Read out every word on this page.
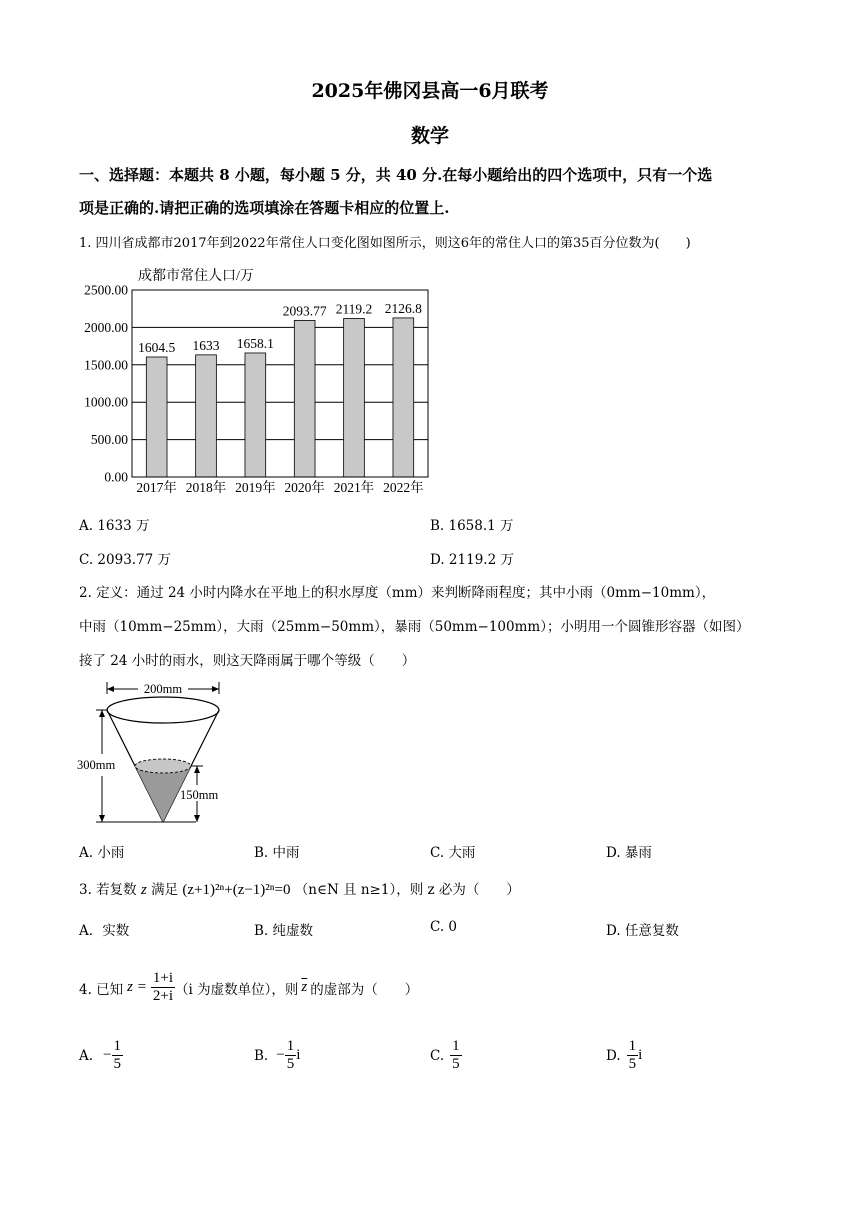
2025年佛冈县高一6月联考
数学
一、选择题：本题共 8 小题，每小题 5 分，共 40 分.在每小题给出的四个选项中，只有一个选
项是正确的.请把正确的选项填涂在答题卡相应的位置上.
1. 四川省成都市2017年到2022年常住人口变化图如图所示，则这6年的常住人口的第35百分位数为(　　)
成都市常住人口/万
0.00
500.00
1000.00
1500.00
2000.00
2500.00
1604.5 1633 1658.1
2093.77 2119.2 2126.8
2017年 2018年 2019年 2020年 2021年 2022年
A. 1633 万	B. 1658.1 万
C. 2093.77 万	D. 2119.2 万
2. 定义：通过 24 小时内降水在平地上的积水厚度（mm）来判断降雨程度；其中小雨（0mm−10mm），
中雨（10mm−25mm），大雨（25mm−50mm），暴雨（50mm−100mm）；小明用一个圆锥形容器（如图）
接了 24 小时的雨水，则这天降雨属于哪个等级（　　）
200mm
300mm
150mm
A. 小雨	B. 中雨	C. 大雨	D. 暴雨
3. 若复数 z 满足 (z+1)²ⁿ+(z−1)²ⁿ=0 （n∈N 且 n≥1），则 z 必为（　　）
A．实数	B. 纯虚数	C. 0	D. 任意复数
4. 已知 $z = \frac{1+i}{2+i} (i$ 为虚数单位），则 $\overline{z}$ 的虚部为（　　）
A. − $\frac{1}{5}$	B. − $\frac{1}{5}$ i	C. $\frac{1}{5}$	D. $\frac{1}{5}$ i
